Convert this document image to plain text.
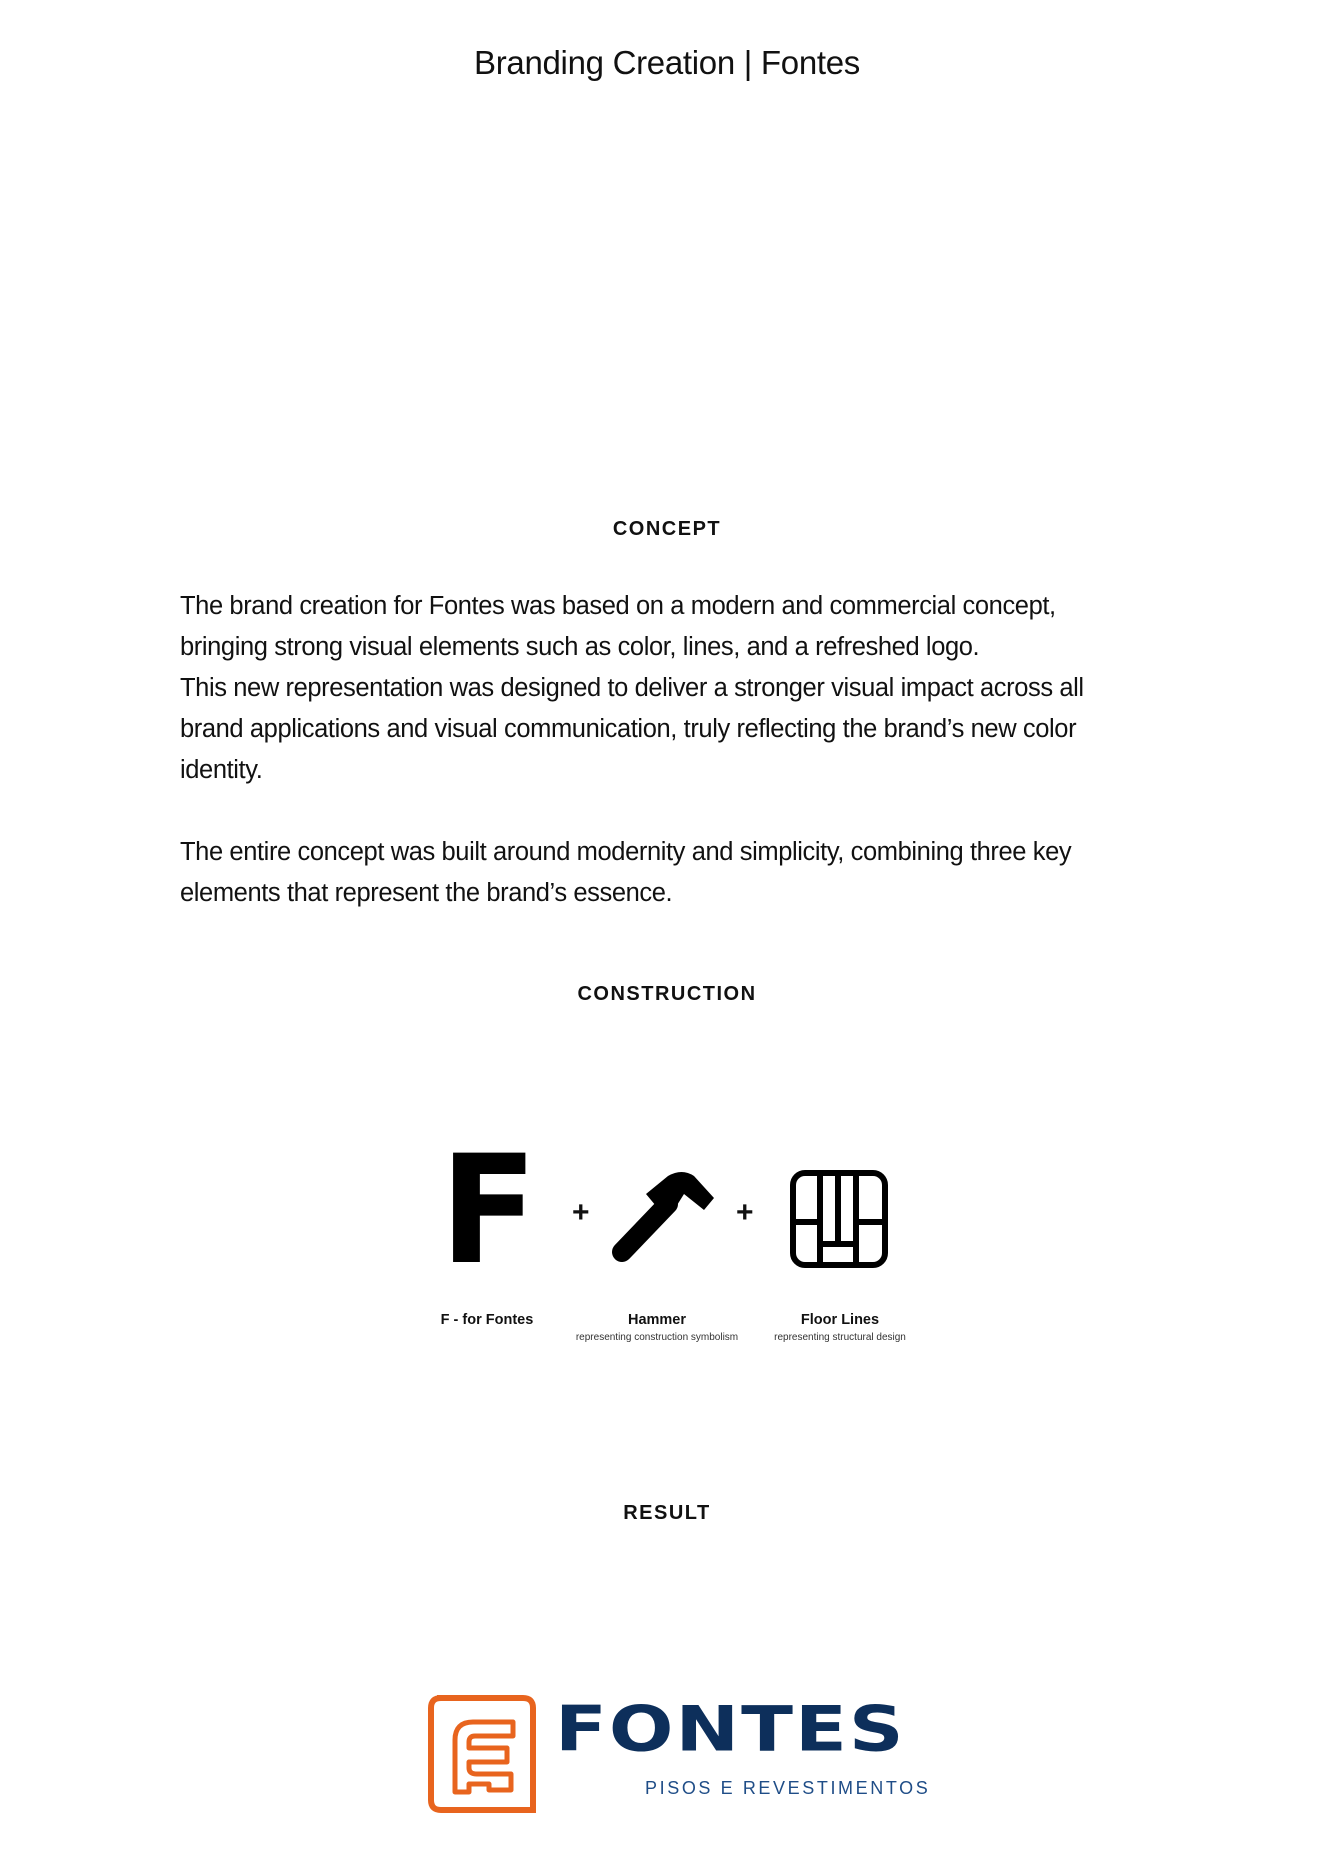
Branding Creation | Fontes
CONCEPT
The brand creation for Fontes was based on a modern and commercial concept,
bringing strong visual elements such as color, lines, and a refreshed logo.
This new representation was designed to deliver a stronger visual impact across all
brand applications and visual communication, truly reflecting the brand’s new color
identity.
The entire concept was built around modernity and simplicity, combining three key
elements that represent the brand’s essence.
CONSTRUCTION
F +	+
F - for Fontes	Hammer
representing construction symbolism
Floor Lines
representing structural design
RESULT
FONTES
PISOS E REVESTIMENTOS
